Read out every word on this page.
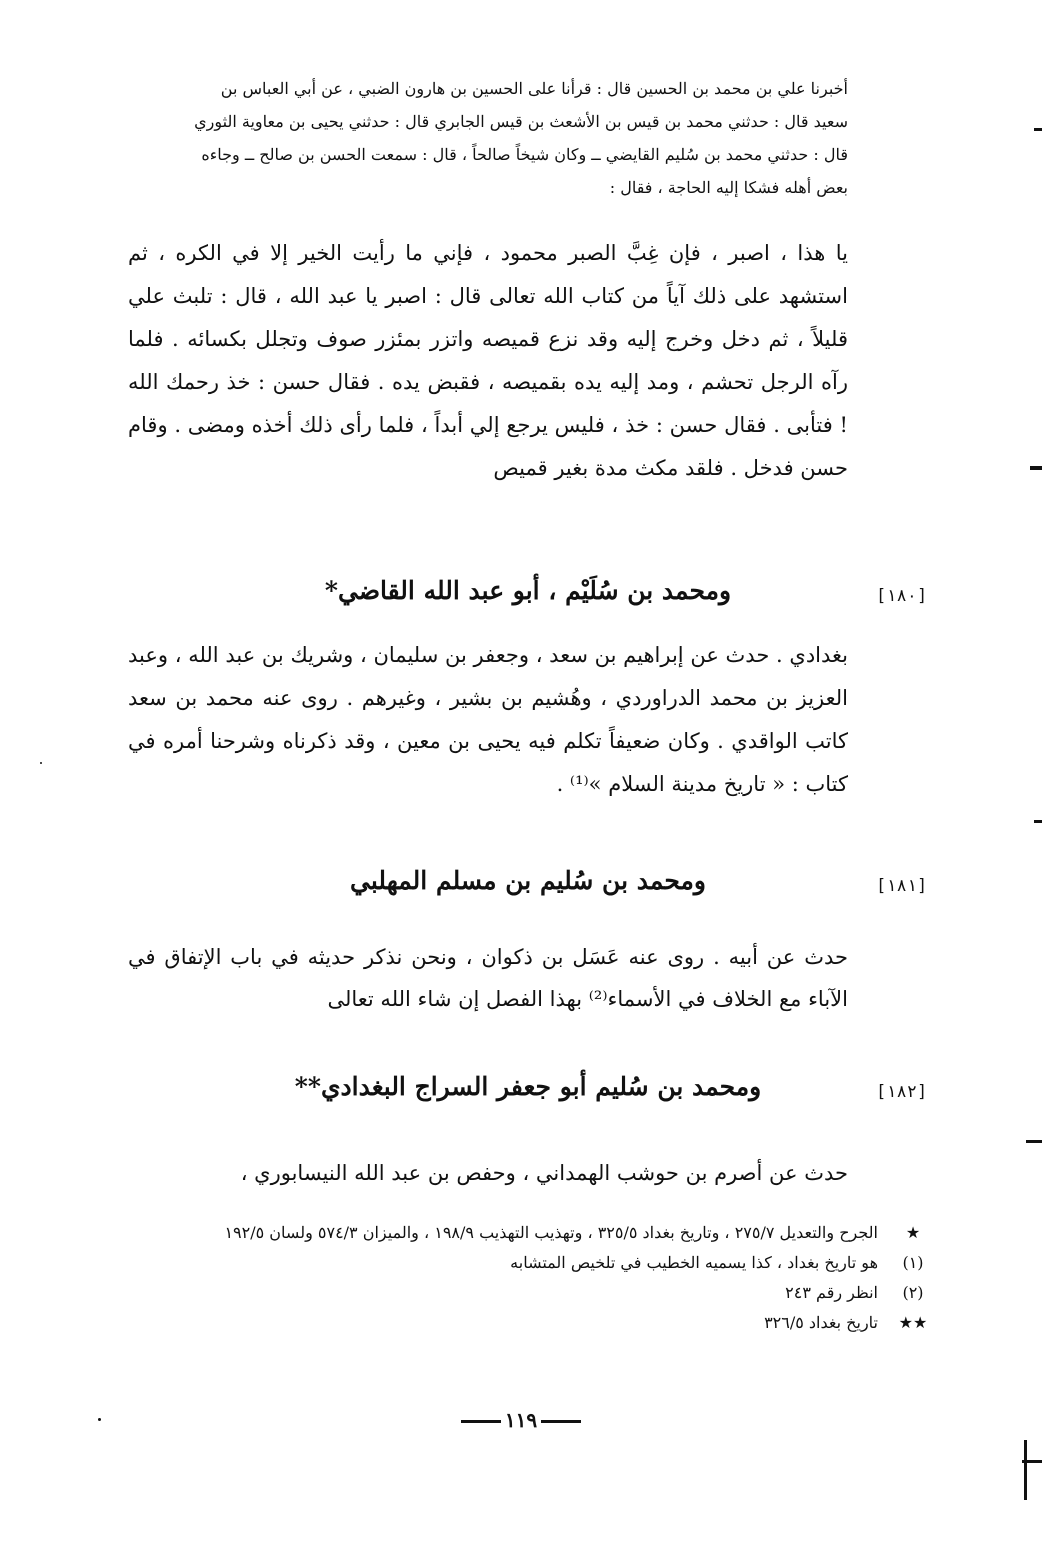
أخبرنا علي بن محمد بن الحسين قال : قرأنا على الحسين بن هارون الضبي ، عن أبي العباس بن

سعيد قال : حدثني محمد بن قيس بن الأشعث بن قيس الجابري قال : حدثني يحيى بن معاوية الثوري

قال : حدثني محمد بن سُليم القايضي ــ وكان شيخاً صالحاً ، قال : سمعت الحسن بن صالح ــ وجاءه

بعض أهله فشكا إليه الحاجة ، فقال :

يا هذا ، اصبر ، فإن غِبَّ الصبر محمود ، فإني ما رأيت الخير إلا في الكره ، ثم استشهد على ذلك آياً من كتاب الله تعالى قال : اصبر يا عبد الله ، قال : تلبث علي قليلاً ، ثم دخل وخرج إليه وقد نزع قميصه واتزر بمئزر صوف وتجلل بكسائه . فلما رآه الرجل تحشم ، ومد إليه يده بقميصه ، فقبض يده . فقال حسن : خذ رحمك الله ! فتأبى . فقال حسن : خذ ، فليس يرجع إلي أبداً ، فلما رأى ذلك أخذه ومضى . وقام حسن فدخل . فلقد مكث مدة بغير قميص

ومحمد بن سُلَيْم ، أبو عبد الله القاضي*	[١٨٠]

بغدادي . حدث عن إبراهيم بن سعد ، وجعفر بن سليمان ، وشريك بن عبد الله ، وعبد العزيز بن محمد الدراوردي ، وهُشيم بن بشير ، وغيرهم . روى عنه محمد بن سعد كاتب الواقدي . وكان ضعيفاً تكلم فيه يحيى بن معين ، وقد ذكرناه وشرحنا أمره في كتاب : « تاريخ مدينة السلام »⁽¹⁾ .

ومحمد بن سُليم بن مسلم المهلبي	[١٨١]

حدث عن أبيه . روى عنه عَسَل بن ذكوان ، ونحن نذكر حديثه في باب الإتفاق في الآباء مع الخلاف في الأسماء⁽²⁾ بهذا الفصل إن شاء الله تعالى

ومحمد بن سُليم أبو جعفر السراج البغدادي**	[١٨٢]

حدث عن أصرم بن حوشب الهمداني ، وحفص بن عبد الله النيسابوري ،

★
الجرح والتعديل ٢٧٥/٧ ، وتاريخ بغداد ٣٢٥/٥ ، وتهذيب التهذيب ١٩٨/٩ ، والميزان ٥٧٤/٣ ولسان ١٩٢/٥
(١)
هو تاريخ بغداد ، كذا يسميه الخطيب في تلخيص المتشابه
(٢)
انظر رقم ٢٤٣
★★
تاريخ بغداد ٣٢٦/٥
١١٩
